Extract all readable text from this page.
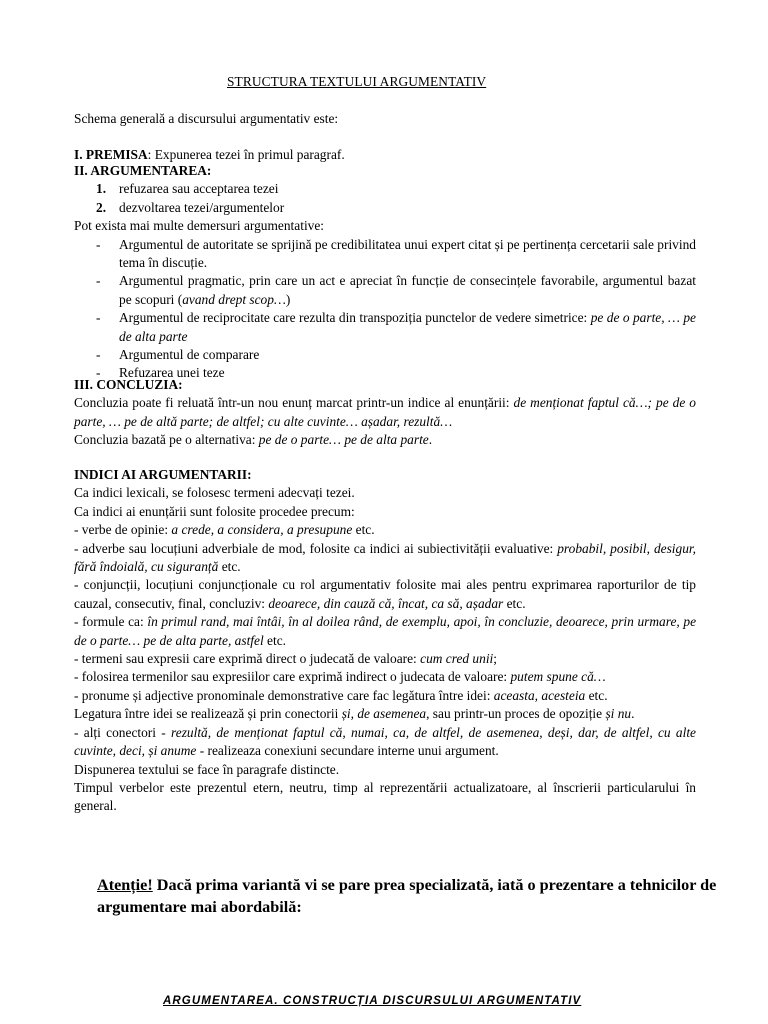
STRUCTURA TEXTULUI ARGUMENTATIV

Schema generală a discursului argumentativ este:

I. PREMISA: Expunerea tezei în primul paragraf.

II. ARGUMENTAREA:

1. refuzarea sau acceptarea tezei
2. dezvoltarea tezei/argumentelor

Pot exista mai multe demersuri argumentative:

- Argumentul de autoritate se sprijină pe credibilitatea unui expert citat și pe pertinența cercetarii sale privind tema în discuție.
- Argumentul pragmatic, prin care un act e apreciat în funcție de consecințele favorabile, argumentul bazat pe scopuri (avand drept scop…)
- Argumentul de reciprocitate care rezulta din transpoziția punctelor de vedere simetrice: pe de o parte, … pe de alta parte
- Argumentul de comparare
- Refuzarea unei teze

III. CONCLUZIA:

Concluzia poate fi reluată într-un nou enunț marcat printr-un indice al enunțării: de menționat faptul că…; pe de o parte, … pe de altă parte; de altfel; cu alte cuvinte… așadar, rezultă…

Concluzia bazată pe o alternativa: pe de o parte… pe de alta parte.

INDICI AI ARGUMENTARII:

Ca indici lexicali, se folosesc termeni adecvați tezei.

Ca indici ai enunțării sunt folosite procedee precum:

- verbe de opinie: a crede, a considera, a presupune etc.

- adverbe sau locuțiuni adverbiale de mod, folosite ca indici ai subiectivității evaluative: probabil, posibil, desigur, fără îndoială, cu siguranță etc.

- conjuncții, locuțiuni conjuncționale cu rol argumentativ folosite mai ales pentru exprimarea raporturilor de tip cauzal, consecutiv, final, concluziv: deoarece, din cauză că, încat, ca să, așadar etc.

- formule ca: în primul rand, mai întâi, în al doilea rând, de exemplu, apoi, în concluzie, deoarece, prin urmare, pe de o parte… pe de alta parte, astfel etc.

- termeni sau expresii care exprimă direct o judecată de valoare: cum cred unii;

- folosirea termenilor sau expresiilor care exprimă indirect o judecata de valoare: putem spune că…

- pronume și adjective pronominale demonstrative care fac legătura între idei: aceasta, acesteia etc.

Legatura între idei se realizează și prin conectorii și, de asemenea, sau printr-un proces de opoziție și nu.

- alți conectori - rezultă, de menționat faptul că, numai, ca, de altfel, de asemenea, deși, dar, de altfel, cu alte cuvinte, deci, și anume - realizeaza conexiuni secundare interne unui argument.

Dispunerea textului se face în paragrafe distincte.

Timpul verbelor este prezentul etern, neutru, timp al reprezentării actualizatoare, al înscrierii particularului în general.

Atenție! Dacă prima variantă vi se pare prea specializată, iată o prezentare a tehnicilor de argumentare mai abordabilă:

ARGUMENTAREA. CONSTRUCȚIA DISCURSULUI ARGUMENTATIV
